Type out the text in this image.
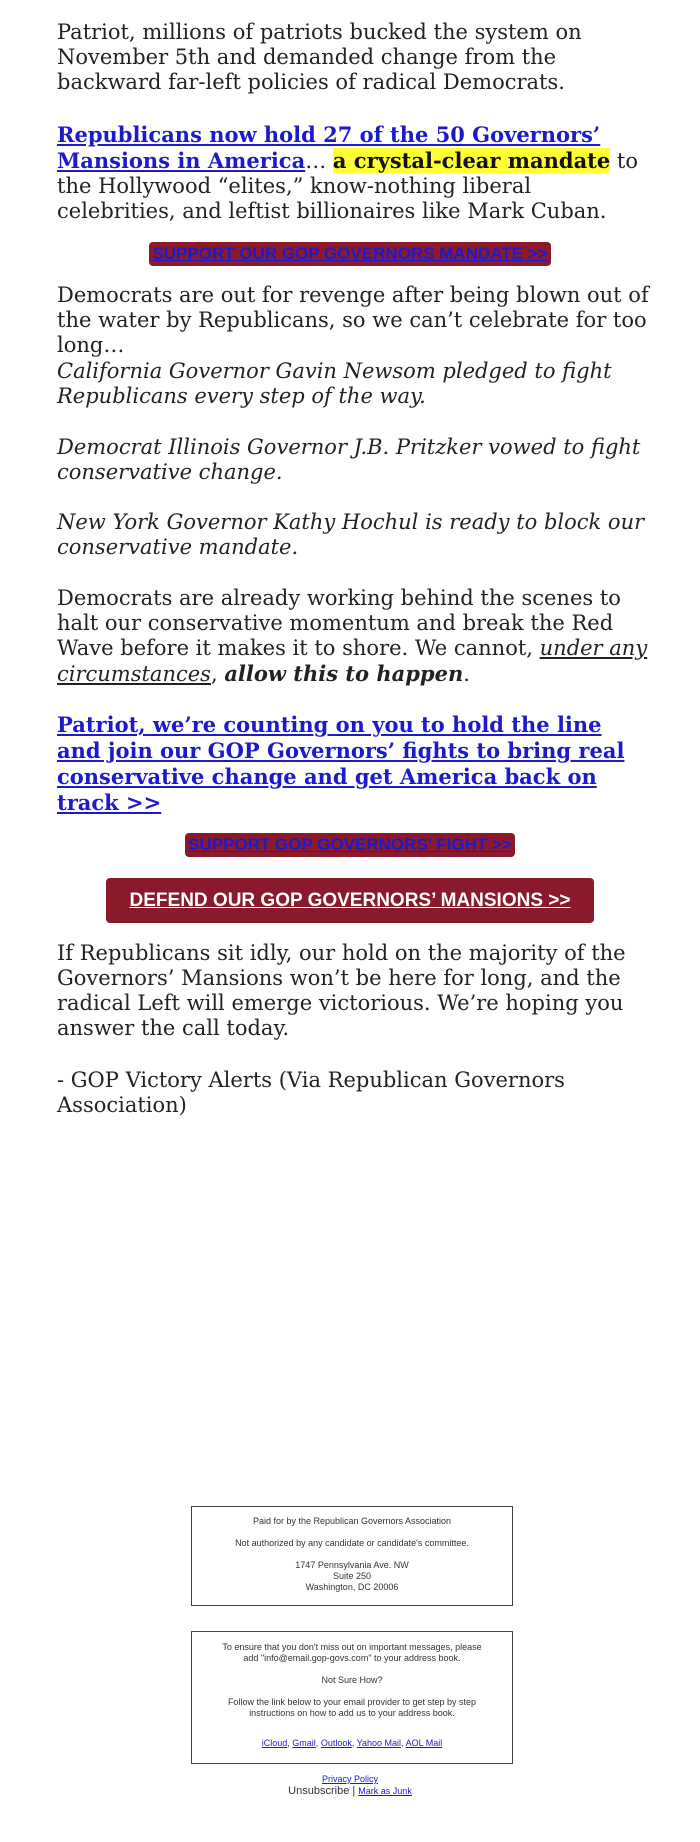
Patriot, millions of patriots bucked the system on November 5th and demanded change from the backward far-left policies of radical Democrats.

Republicans now hold 27 of the 50 Governors’ Mansions in America… a crystal-clear mandate to the Hollywood “elites,” know-nothing liberal celebrities, and leftist billionaires like Mark Cuban.

Democrats are out for revenge after being blown out of the water by Republicans, so we can’t celebrate for too long…

California Governor Gavin Newsom pledged to fight Republicans every step of the way.

Democrat Illinois Governor J.B. Pritzker vowed to fight conservative change.

New York Governor Kathy Hochul is ready to block our conservative mandate.

Democrats are already working behind the scenes to halt our conservative momentum and break the Red Wave before it makes it to shore. We cannot, under any circumstances, allow this to happen.

Patriot, we’re counting on you to hold the line and join our GOP Governors’ fights to bring real conservative change and get America back on track >>

If Republicans sit idly, our hold on the majority of the Governors’ Mansions won’t be here for long, and the radical Left will emerge victorious. We’re hoping you answer the call today.

- GOP Victory Alerts (Via Republican Governors Association)

SUPPORT OUR GOP GOVERNORS MANDATE >>
SUPPORT GOP GOVERNORS’ FIGHT >>
DEFEND OUR GOP GOVERNORS’ MANSIONS >>

Paid for by the Republican Governors Association

Not authorized by any candidate or candidate's committee.

1747 Pennsylvania Ave. NW

Suite 250

Washington, DC 20006

To ensure that you don't miss out on important messages, please

add "info@email.gop-govs.com" to your address book.

Not Sure How?

Follow the link below to your email provider to get step by step

instructions on how to add us to your address book.

iCloud, Gmail, Outlook, Yahoo Mail, AOL Mail

Privacy Policy
Unsubscribe | Mark as Junk
